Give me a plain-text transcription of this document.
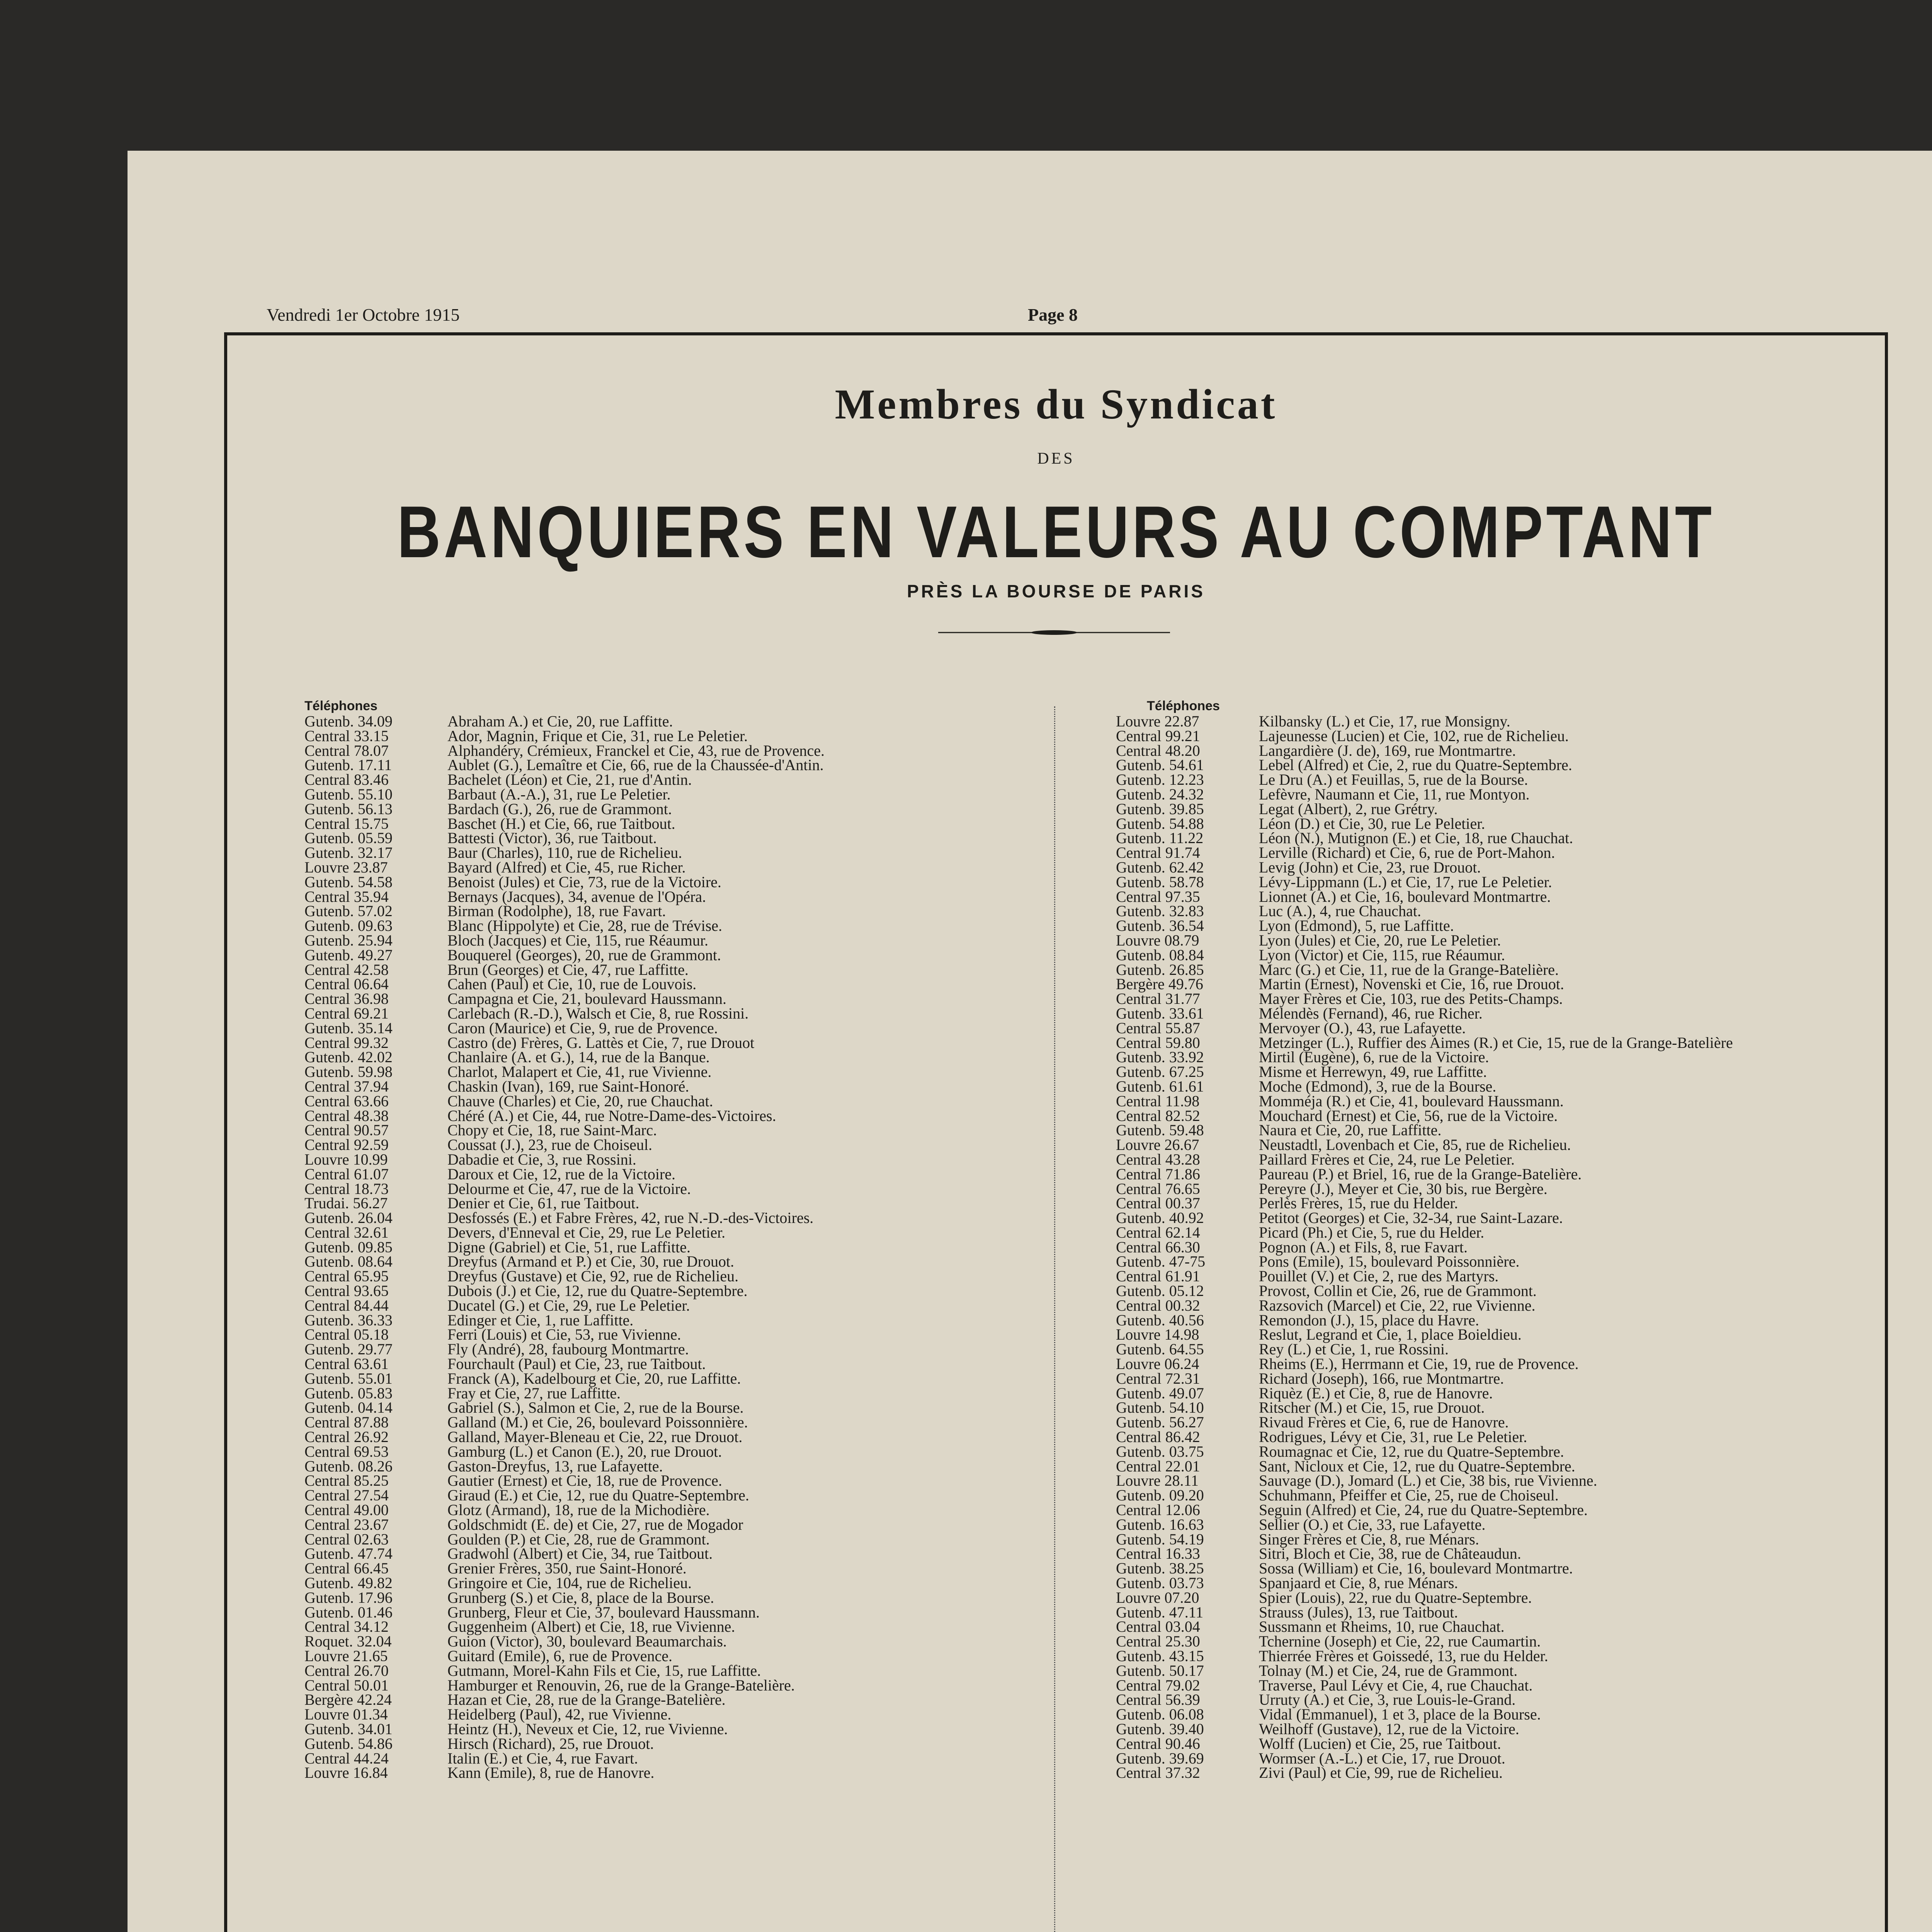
Vendredi 1er Octobre 1915	Page 8
Membres du Syndicat
DES
BANQUIERS EN VALEURS AU COMPTANT
PRÈS LA BOURSE DE PARIS
Téléphones
Gutenb. 34.09	Abraham A.) et Cie, 20, rue Laffitte.
Central 33.15	Ador, Magnin, Frique et Cie, 31, rue Le Peletier.
Central 78.07	Alphandéry, Crémieux, Franckel et Cie, 43, rue de Provence.
Gutenb. 17.11	Aublet (G.), Lemaître et Cie, 66, rue de la Chaussée-d'Antin.
Central 83.46	Bachelet (Léon) et Cie, 21, rue d'Antin.
Gutenb. 55.10	Barbaut (A.-A.), 31, rue Le Peletier.
Gutenb. 56.13	Bardach (G.), 26, rue de Grammont.
Central 15.75	Baschet (H.) et Cie, 66, rue Taitbout.
Gutenb. 05.59	Battesti (Victor), 36, rue Taitbout.
Gutenb. 32.17	Baur (Charles), 110, rue de Richelieu.
Louvre 23.87	Bayard (Alfred) et Cie, 45, rue Richer.
Gutenb. 54.58	Benoist (Jules) et Cie, 73, rue de la Victoire.
Central 35.94	Bernays (Jacques), 34, avenue de l'Opéra.
Gutenb. 57.02	Birman (Rodolphe), 18, rue Favart.
Gutenb. 09.63	Blanc (Hippolyte) et Cie, 28, rue de Trévise.
Gutenb. 25.94	Bloch (Jacques) et Cie, 115, rue Réaumur.
Gutenb. 49.27	Bouquerel (Georges), 20, rue de Grammont.
Central 42.58	Brun (Georges) et Cie, 47, rue Laffitte.
Central 06.64	Cahen (Paul) et Cie, 10, rue de Louvois.
Central 36.98	Campagna et Cie, 21, boulevard Haussmann.
Central 69.21	Carlebach (R.-D.), Walsch et Cie, 8, rue Rossini.
Gutenb. 35.14	Caron (Maurice) et Cie, 9, rue de Provence.
Central 99.32	Castro (de) Frères, G. Lattès et Cie, 7, rue Drouot
Gutenb. 42.02	Chanlaire (A. et G.), 14, rue de la Banque.
Gutenb. 59.98	Charlot, Malapert et Cie, 41, rue Vivienne.
Central 37.94	Chaskin (Ivan), 169, rue Saint-Honoré.
Central 63.66	Chauve (Charles) et Cie, 20, rue Chauchat.
Central 48.38	Chéré (A.) et Cie, 44, rue Notre-Dame-des-Victoires.
Central 90.57	Chopy et Cie, 18, rue Saint-Marc.
Central 92.59	Coussat (J.), 23, rue de Choiseul.
Louvre 10.99	Dabadie et Cie, 3, rue Rossini.
Central 61.07	Daroux et Cie, 12, rue de la Victoire.
Central 18.73	Delourme et Cie, 47, rue de la Victoire.
Trudai. 56.27	Denier et Cie, 61, rue Taitbout.
Gutenb. 26.04	Desfossés (E.) et Fabre Frères, 42, rue N.-D.-des-Victoires.
Central 32.61	Devers, d'Enneval et Cie, 29, rue Le Peletier.
Gutenb. 09.85	Digne (Gabriel) et Cie, 51, rue Laffitte.
Gutenb. 08.64	Dreyfus (Armand et P.) et Cie, 30, rue Drouot.
Central 65.95	Dreyfus (Gustave) et Cie, 92, rue de Richelieu.
Central 93.65	Dubois (J.) et Cie, 12, rue du Quatre-Septembre.
Central 84.44	Ducatel (G.) et Cie, 29, rue Le Peletier.
Gutenb. 36.33	Edinger et Cie, 1, rue Laffitte.
Central 05.18	Ferri (Louis) et Cie, 53, rue Vivienne.
Gutenb. 29.77	Fly (André), 28, faubourg Montmartre.
Central 63.61	Fourchault (Paul) et Cie, 23, rue Taitbout.
Gutenb. 55.01	Franck (A), Kadelbourg et Cie, 20, rue Laffitte.
Gutenb. 05.83	Fray et Cie, 27, rue Laffitte.
Gutenb. 04.14	Gabriel (S.), Salmon et Cie, 2, rue de la Bourse.
Central 87.88	Galland (M.) et Cie, 26, boulevard Poissonnière.
Central 26.92	Galland, Mayer-Bleneau et Cie, 22, rue Drouot.
Central 69.53	Gamburg (L.) et Canon (E.), 20, rue Drouot.
Gutenb. 08.26	Gaston-Dreyfus, 13, rue Lafayette.
Central 85.25	Gautier (Ernest) et Cie, 18, rue de Provence.
Central 27.54	Giraud (E.) et Cie, 12, rue du Quatre-Septembre.
Central 49.00	Glotz (Armand), 18, rue de la Michodière.
Central 23.67	Goldschmidt (E. de) et Cie, 27, rue de Mogador
Central 02.63	Goulden (P.) et Cie, 28, rue de Grammont.
Gutenb. 47.74	Gradwohl (Albert) et Cie, 34, rue Taitbout.
Central 66.45	Grenier Frères, 350, rue Saint-Honoré.
Gutenb. 49.82	Gringoire et Cie, 104, rue de Richelieu.
Gutenb. 17.96	Grunberg (S.) et Cie, 8, place de la Bourse.
Gutenb. 01.46	Grunberg, Fleur et Cie, 37, boulevard Haussmann.
Central 34.12	Guggenheim (Albert) et Cie, 18, rue Vivienne.
Roquet. 32.04	Guion (Victor), 30, boulevard Beaumarchais.
Louvre 21.65	Guitard (Emile), 6, rue de Provence.
Central 26.70	Gutmann, Morel-Kahn Fils et Cie, 15, rue Laffitte.
Central 50.01	Hamburger et Renouvin, 26, rue de la Grange-Batelière.
Bergère 42.24	Hazan et Cie, 28, rue de la Grange-Batelière.
Louvre 01.34	Heidelberg (Paul), 42, rue Vivienne.
Gutenb. 34.01	Heintz (H.), Neveux et Cie, 12, rue Vivienne.
Gutenb. 54.86	Hirsch (Richard), 25, rue Drouot.
Central 44.24	Italin (E.) et Cie, 4, rue Favart.
Louvre 16.84	Kann (Emile), 8, rue de Hanovre.
Téléphones
Louvre 22.87	Kilbansky (L.) et Cie, 17, rue Monsigny.
Central 99.21	Lajeunesse (Lucien) et Cie, 102, rue de Richelieu.
Central 48.20	Langardière (J. de), 169, rue Montmartre.
Gutenb. 54.61	Lebel (Alfred) et Cie, 2, rue du Quatre-Septembre.
Gutenb. 12.23	Le Dru (A.) et Feuillas, 5, rue de la Bourse.
Gutenb. 24.32	Lefèvre, Naumann et Cie, 11, rue Montyon.
Gutenb. 39.85	Legat (Albert), 2, rue Grétry.
Gutenb. 54.88	Léon (D.) et Cie, 30, rue Le Peletier.
Gutenb. 11.22	Léon (N.), Mutignon (E.) et Cie, 18, rue Chauchat.
Central 91.74	Lerville (Richard) et Cie, 6, rue de Port-Mahon.
Gutenb. 62.42	Levig (John) et Cie, 23, rue Drouot.
Gutenb. 58.78	Lévy-Lippmann (L.) et Cie, 17, rue Le Peletier.
Central 97.35	Lionnet (A.) et Cie, 16, boulevard Montmartre.
Gutenb. 32.83	Luc (A.), 4, rue Chauchat.
Gutenb. 36.54	Lyon (Edmond), 5, rue Laffitte.
Louvre 08.79	Lyon (Jules) et Cie, 20, rue Le Peletier.
Gutenb. 08.84	Lyon (Victor) et Cie, 115, rue Réaumur.
Gutenb. 26.85	Marc (G.) et Cie, 11, rue de la Grange-Batelière.
Bergère 49.76	Martin (Ernest), Novenski et Cie, 16, rue Drouot.
Central 31.77	Mayer Frères et Cie, 103, rue des Petits-Champs.
Gutenb. 33.61	Mélendès (Fernand), 46, rue Richer.
Central 55.87	Mervoyer (O.), 43, rue Lafayette.
Central 59.80	Metzinger (L.), Ruffier des Aimes (R.) et Cie, 15, rue de la Grange-Batelière
Gutenb. 33.92	Mirtil (Eugène), 6, rue de la Victoire.
Gutenb. 67.25	Misme et Herrewyn, 49, rue Laffitte.
Gutenb. 61.61	Moche (Edmond), 3, rue de la Bourse.
Central 11.98	Momméja (R.) et Cie, 41, boulevard Haussmann.
Central 82.52	Mouchard (Ernest) et Cie, 56, rue de la Victoire.
Gutenb. 59.48	Naura et Cie, 20, rue Laffitte.
Louvre 26.67	Neustadtl, Lovenbach et Cie, 85, rue de Richelieu.
Central 43.28	Paillard Frères et Cie, 24, rue Le Peletier.
Central 71.86	Paureau (P.) et Briel, 16, rue de la Grange-Batelière.
Central 76.65	Pereyre (J.), Meyer et Cie, 30 bis, rue Bergère.
Central 00.37	Perlès Frères, 15, rue du Helder.
Gutenb. 40.92	Petitot (Georges) et Cie, 32-34, rue Saint-Lazare.
Central 62.14	Picard (Ph.) et Cie, 5, rue du Helder.
Central 66.30	Pognon (A.) et Fils, 8, rue Favart.
Gutenb. 47-75	Pons (Emile), 15, boulevard Poissonnière.
Central 61.91	Pouillet (V.) et Cie, 2, rue des Martyrs.
Gutenb. 05.12	Provost, Collin et Cie, 26, rue de Grammont.
Central 00.32	Razsovich (Marcel) et Cie, 22, rue Vivienne.
Gutenb. 40.56	Remondon (J.), 15, place du Havre.
Louvre 14.98	Reslut, Legrand et Cie, 1, place Boieldieu.
Gutenb. 64.55	Rey (L.) et Cie, 1, rue Rossini.
Louvre 06.24	Rheims (E.), Herrmann et Cie, 19, rue de Provence.
Central 72.31	Richard (Joseph), 166, rue Montmartre.
Gutenb. 49.07	Riquèz (E.) et Cie, 8, rue de Hanovre.
Gutenb. 54.10	Ritscher (M.) et Cie, 15, rue Drouot.
Gutenb. 56.27	Rivaud Frères et Cie, 6, rue de Hanovre.
Central 86.42	Rodrigues, Lévy et Cie, 31, rue Le Peletier.
Gutenb. 03.75	Roumagnac et Cie, 12, rue du Quatre-Septembre.
Central 22.01	Sant, Nicloux et Cie, 12, rue du Quatre-Septembre.
Louvre 28.11	Sauvage (D.), Jomard (L.) et Cie, 38 bis, rue Vivienne.
Gutenb. 09.20	Schuhmann, Pfeiffer et Cie, 25, rue de Choiseul.
Central 12.06	Seguin (Alfred) et Cie, 24, rue du Quatre-Septembre.
Gutenb. 16.63	Sellier (O.) et Cie, 33, rue Lafayette.
Gutenb. 54.19	Singer Frères et Cie, 8, rue Ménars.
Central 16.33	Sitri, Bloch et Cie, 38, rue de Châteaudun.
Gutenb. 38.25	Sossa (William) et Cie, 16, boulevard Montmartre.
Gutenb. 03.73	Spanjaard et Cie, 8, rue Ménars.
Louvre 07.20	Spier (Louis), 22, rue du Quatre-Septembre.
Gutenb. 47.11	Strauss (Jules), 13, rue Taitbout.
Central 03.04	Sussmann et Rheims, 10, rue Chauchat.
Central 25.30	Tchernine (Joseph) et Cie, 22, rue Caumartin.
Gutenb. 43.15	Thierrée Frères et Goissedé, 13, rue du Helder.
Gutenb. 50.17	Tolnay (M.) et Cie, 24, rue de Grammont.
Central 79.02	Traverse, Paul Lévy et Cie, 4, rue Chauchat.
Central 56.39	Urruty (A.) et Cie, 3, rue Louis-le-Grand.
Gutenb. 06.08	Vidal (Emmanuel), 1 et 3, place de la Bourse.
Gutenb. 39.40	Weilhoff (Gustave), 12, rue de la Victoire.
Central 90.46	Wolff (Lucien) et Cie, 25, rue Taitbout.
Gutenb. 39.69	Wormser (A.-L.) et Cie, 17, rue Drouot.
Central 37.32	Zivi (Paul) et Cie, 99, rue de Richelieu.
